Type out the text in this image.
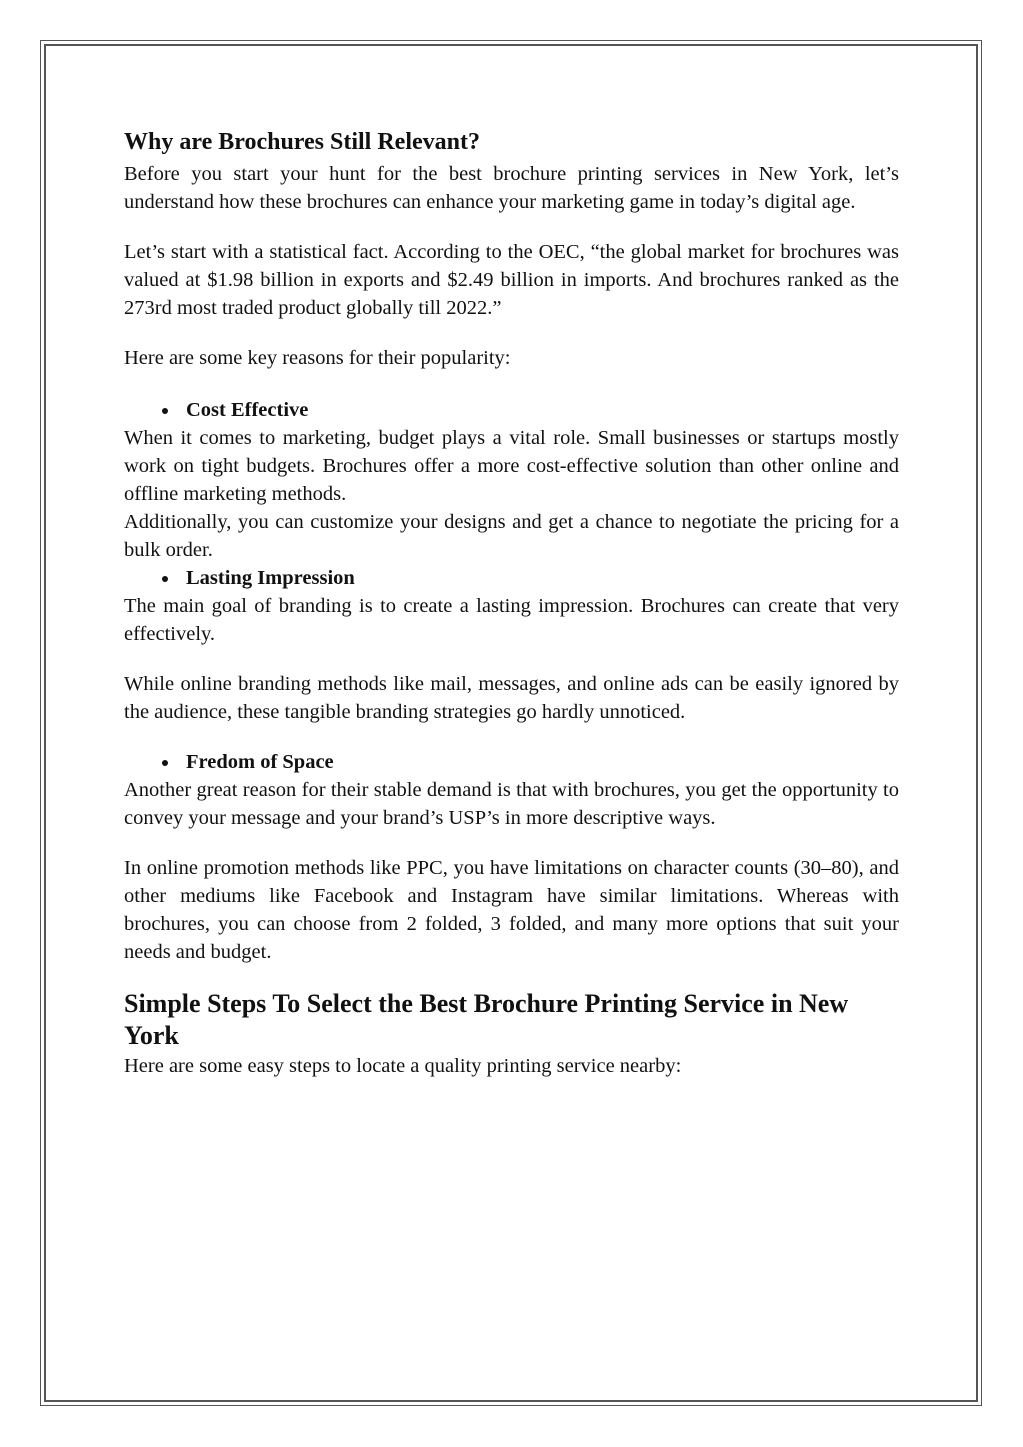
Why are Brochures Still Relevant?

Before you start your hunt for the best brochure printing services in New York, let’s understand how these brochures can enhance your marketing game in today’s digital age.

Let’s start with a statistical fact. According to the OEC, “the global market for brochures was valued at $1.98 billion in exports and $2.49 billion in imports. And brochures ranked as the 273rd most traded product globally till 2022.”

Here are some key reasons for their popularity:

Cost Effective

When it comes to marketing, budget plays a vital role. Small businesses or startups mostly work on tight budgets. Brochures offer a more cost-effective solution than other online and offline marketing methods.

Additionally, you can customize your designs and get a chance to negotiate the pricing for a bulk order.

Lasting Impression

The main goal of branding is to create a lasting impression. Brochures can create that very effectively.

While online branding methods like mail, messages, and online ads can be easily ignored by the audience, these tangible branding strategies go hardly unnoticed.

Fredom of Space

Another great reason for their stable demand is that with brochures, you get the opportunity to convey your message and your brand’s USP’s in more descriptive ways.

In online promotion methods like PPC, you have limitations on character counts (30–80), and other mediums like Facebook and Instagram have similar limitations. Whereas with brochures, you can choose from 2 folded, 3 folded, and many more options that suit your needs and budget.

Simple Steps To Select the Best Brochure Printing Service in New York

Here are some easy steps to locate a quality printing service nearby:
